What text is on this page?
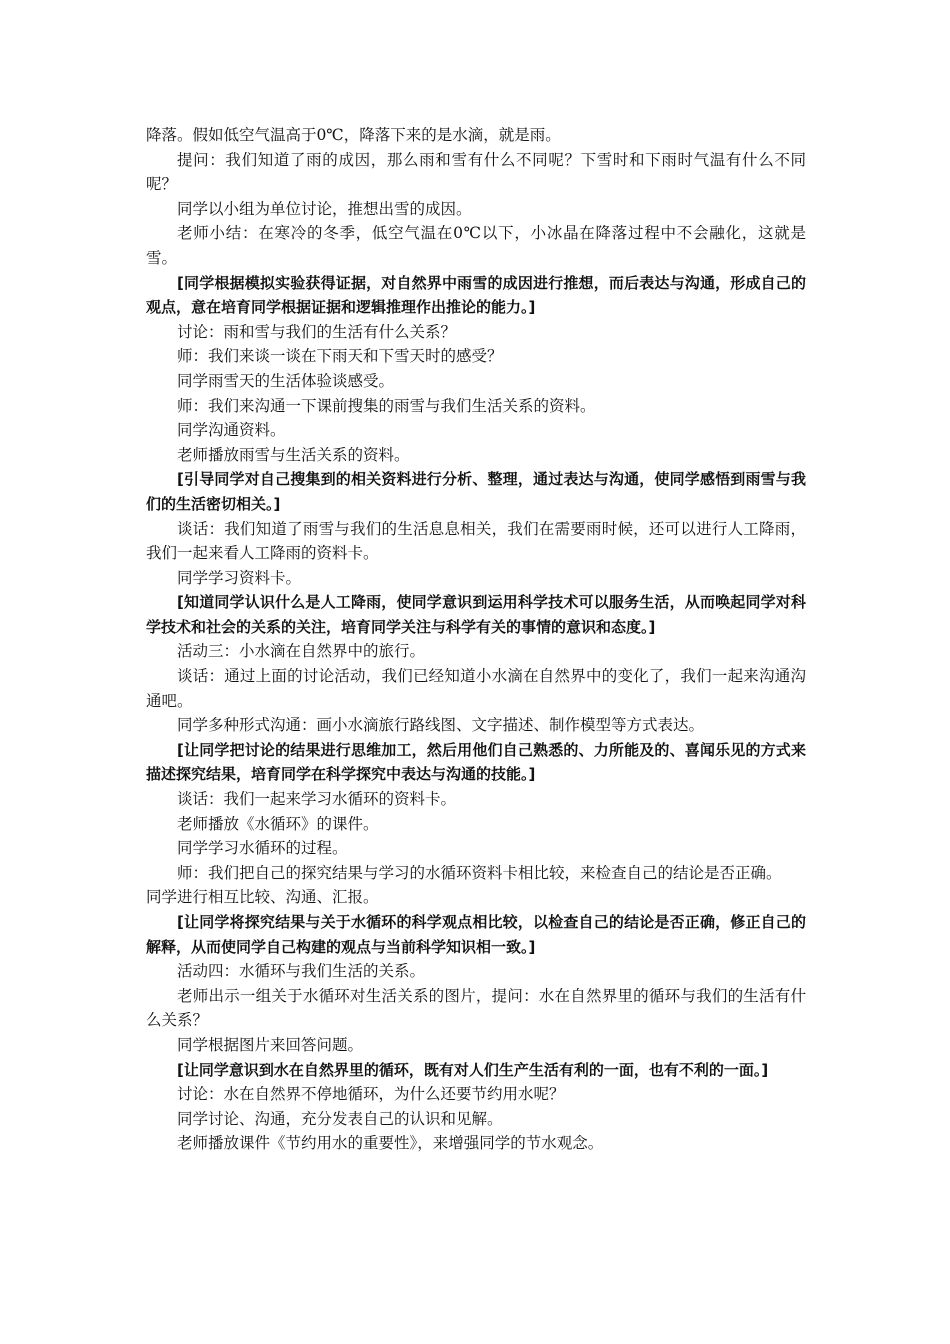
降落。假如低空气温高于0℃，降落下来的是水滴，就是雨。

提问：我们知道了雨的成因，那么雨和雪有什么不同呢？下雪时和下雨时气温有什么不同呢？

同学以小组为单位讨论，推想出雪的成因。

老师小结：在寒冷的冬季，低空气温在0℃以下，小冰晶在降落过程中不会融化，这就是雪。

[同学根据模拟实验获得证据，对自然界中雨雪的成因进行推想，而后表达与沟通，形成自己的观点，意在培育同学根据证据和逻辑推理作出推论的能力。]

讨论：雨和雪与我们的生活有什么关系？

师：我们来谈一谈在下雨天和下雪天时的感受？

同学雨雪天的生活体验谈感受。

师：我们来沟通一下课前搜集的雨雪与我们生活关系的资料。

同学沟通资料。

老师播放雨雪与生活关系的资料。

[引导同学对自己搜集到的相关资料进行分析、整理，通过表达与沟通，使同学感悟到雨雪与我们的生活密切相关。]

谈话：我们知道了雨雪与我们的生活息息相关，我们在需要雨时候，还可以进行人工降雨，我们一起来看人工降雨的资料卡。

同学学习资料卡。

[知道同学认识什么是人工降雨，使同学意识到运用科学技术可以服务生活，从而唤起同学对科学技术和社会的关系的关注，培育同学关注与科学有关的事情的意识和态度。]

活动三：小水滴在自然界中的旅行。

谈话：通过上面的讨论活动，我们已经知道小水滴在自然界中的变化了，我们一起来沟通沟通吧。

同学多种形式沟通：画小水滴旅行路线图、文字描述、制作模型等方式表达。

[让同学把讨论的结果进行思维加工，然后用他们自己熟悉的、力所能及的、喜闻乐见的方式来描述探究结果，培育同学在科学探究中表达与沟通的技能。]

谈话：我们一起来学习水循环的资料卡。

老师播放《水循环》的课件。

同学学习水循环的过程。

师：我们把自己的探究结果与学习的水循环资料卡相比较，来检查自己的结论是否正确。

同学进行相互比较、沟通、汇报。

[让同学将探究结果与关于水循环的科学观点相比较，以检查自己的结论是否正确，修正自己的解释，从而使同学自己构建的观点与当前科学知识相一致。]

活动四：水循环与我们生活的关系。

老师出示一组关于水循环对生活关系的图片，提问：水在自然界里的循环与我们的生活有什么关系？

同学根据图片来回答问题。

[让同学意识到水在自然界里的循环，既有对人们生产生活有利的一面，也有不利的一面。]

讨论：水在自然界不停地循环，为什么还要节约用水呢？

同学讨论、沟通，充分发表自己的认识和见解。

老师播放课件《节约用水的重要性》，来增强同学的节水观念。
